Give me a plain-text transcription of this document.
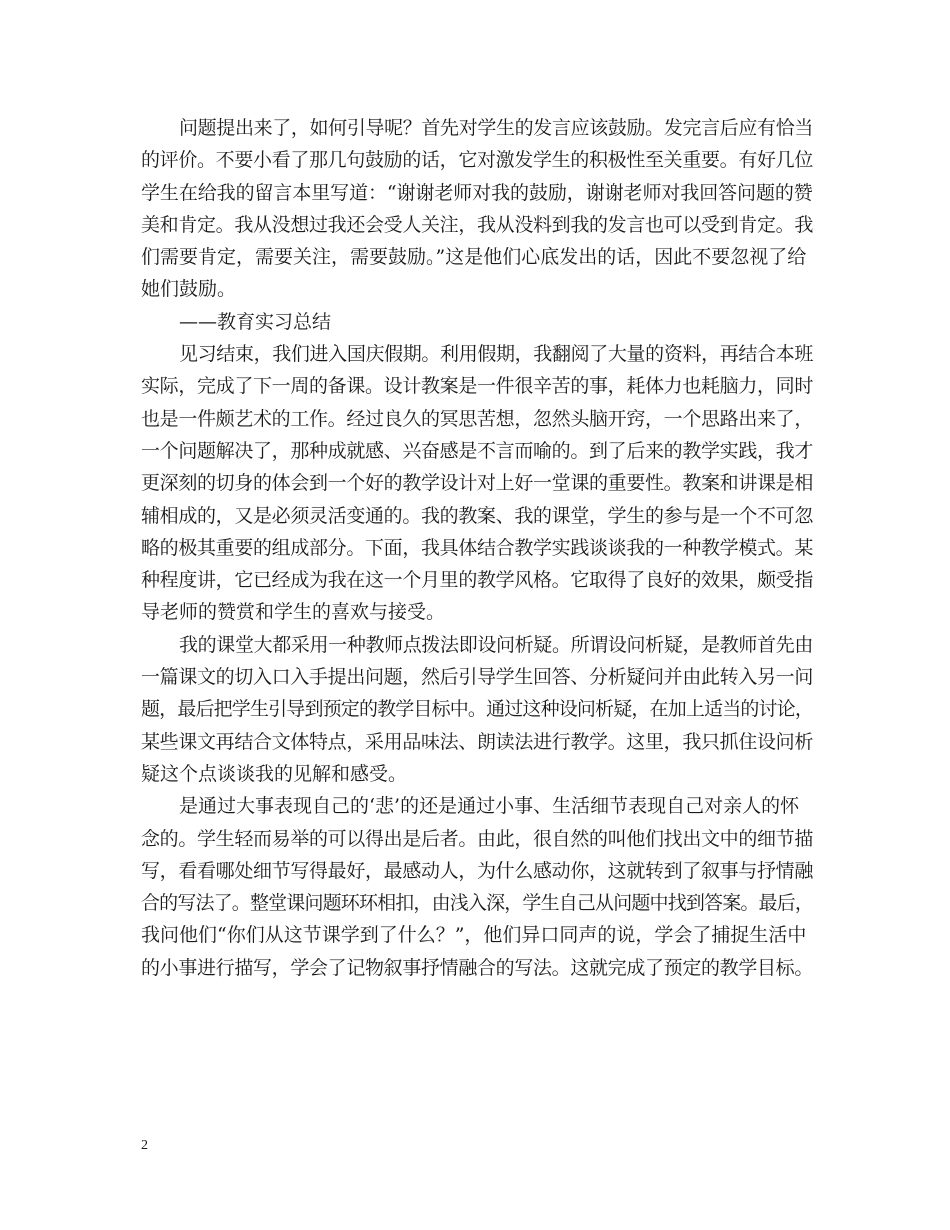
问题提出来了，如何引导呢？首先对学生的发言应该鼓励。发完言后应有恰当
的评价。不要小看了那几句鼓励的话，它对激发学生的积极性至关重要。有好几位
学生在给我的留言本里写道：“谢谢老师对我的鼓励，谢谢老师对我回答问题的赞
美和肯定。我从没想过我还会受人关注，我从没料到我的发言也可以受到肯定。我
们需要肯定，需要关注，需要鼓励。”这是他们心底发出的话，因此不要忽视了给
她们鼓励。
——教育实习总结
见习结束，我们进入国庆假期。利用假期，我翻阅了大量的资料，再结合本班
实际，完成了下一周的备课。设计教案是一件很辛苦的事，耗体力也耗脑力，同时
也是一件颇艺术的工作。经过良久的冥思苦想，忽然头脑开窍，一个思路出来了，
一个问题解决了，那种成就感、兴奋感是不言而喻的。到了后来的教学实践，我才
更深刻的切身的体会到一个好的教学设计对上好一堂课的重要性。教案和讲课是相
辅相成的，又是必须灵活变通的。我的教案、我的课堂，学生的参与是一个不可忽
略的极其重要的组成部分。下面，我具体结合教学实践谈谈我的一种教学模式。某
种程度讲，它已经成为我在这一个月里的教学风格。它取得了良好的效果，颇受指
导老师的赞赏和学生的喜欢与接受。
我的课堂大都采用一种教师点拨法即设问析疑。所谓设问析疑，是教师首先由
一篇课文的切入口入手提出问题，然后引导学生回答、分析疑问并由此转入另一问
题，最后把学生引导到预定的教学目标中。通过这种设问析疑，在加上适当的讨论，
某些课文再结合文体特点，采用品味法、朗读法进行教学。这里，我只抓住设问析
疑这个点谈谈我的见解和感受。
是通过大事表现自己的‘悲’的还是通过小事、生活细节表现自己对亲人的怀
念的。学生轻而易举的可以得出是后者。由此，很自然的叫他们找出文中的细节描
写，看看哪处细节写得最好，最感动人，为什么感动你，这就转到了叙事与抒情融
合的写法了。整堂课问题环环相扣，由浅入深，学生自己从问题中找到答案。最后，
我问他们“你们从这节课学到了什么？”，他们异口同声的说，学会了捕捉生活中
的小事进行描写，学会了记物叙事抒情融合的写法。这就完成了预定的教学目标。
2
